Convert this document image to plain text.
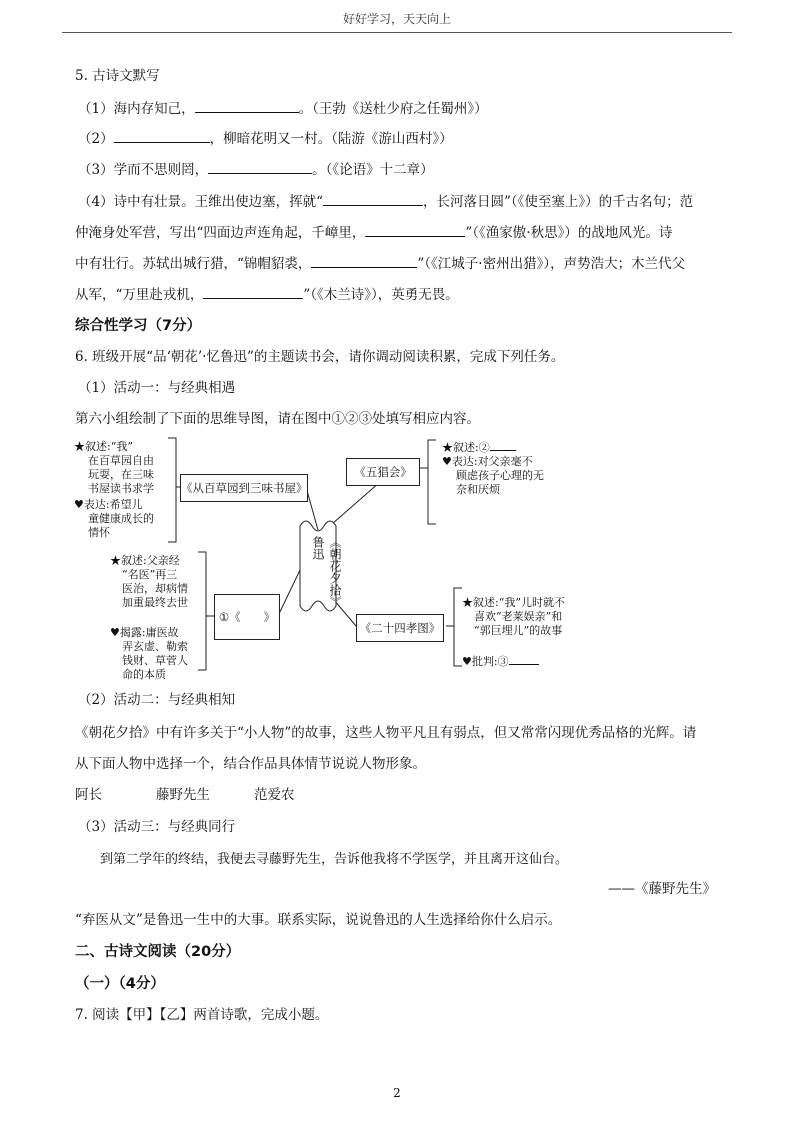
好好学习，天天向上
5. 古诗文默写
（1）海内存知己，	。（王勃《送杜少府之任蜀州》）
（2）	，柳暗花明又一村。（陆游《游山西村》）
（3）学而不思则罔，	。（《论语》十二章）
（4）诗中有壮景。王维出使边塞，挥就“	，长河落日圆”（《使至塞上》）的千古名句；范
仲淹身处军营，写出“四面边声连角起，千嶂里，	”（《渔家傲·秋思》）的战地风光。诗
中有壮行。苏轼出城行猎，“锦帽貂裘，	”（《江城子·密州出猎》），声势浩大；木兰代父
从军，“万里赴戎机，	”（《木兰诗》），英勇无畏。
综合性学习（7分）
6. 班级开展“品‘朝花’·忆鲁迅”的主题读书会，请你调动阅读积累，完成下列任务。
（1）活动一：与经典相遇
第六小组绘制了下面的思维导图，请在图中①②③处填写相应内容。
《朝花夕拾》鲁迅
《从百草园到三味书屋》
《五猖会》
①《　　》
《二十四孝图》
★叙述:“我”
在百草园自由
玩耍，在三味
书屋读书求学
♥表达:希望儿
童健康成长的
情怀
★叙述:②
♥表达:对父亲毫不
顾虑孩子心理的无
奈和厌烦
★叙述:父亲经
“名医”再三
医治，却病情
加重最终去世
♥揭露:庸医故
弄玄虚、勒索
钱财、草菅人
命的本质
★叙述:“我”儿时就不
喜欢“老莱娱亲”和
“郭巨埋儿”的故事
♥批判:③
（2）活动二：与经典相知
《朝花夕拾》中有许多关于“小人物”的故事，这些人物平凡且有弱点，但又常常闪现优秀品格的光辉。请
从下面人物中选择一个，结合作品具体情节说说人物形象。
阿长	藤野先生	范爱农
（3）活动三：与经典同行
到第二学年的终结，我便去寻藤野先生，告诉他我将不学医学，并且离开这仙台。
——《藤野先生》
“弃医从文”是鲁迅一生中的大事。联系实际，说说鲁迅的人生选择给你什么启示。
二、古诗文阅读（20分）
（一）（4分）
7. 阅读【甲】【乙】两首诗歌，完成小题。
2
